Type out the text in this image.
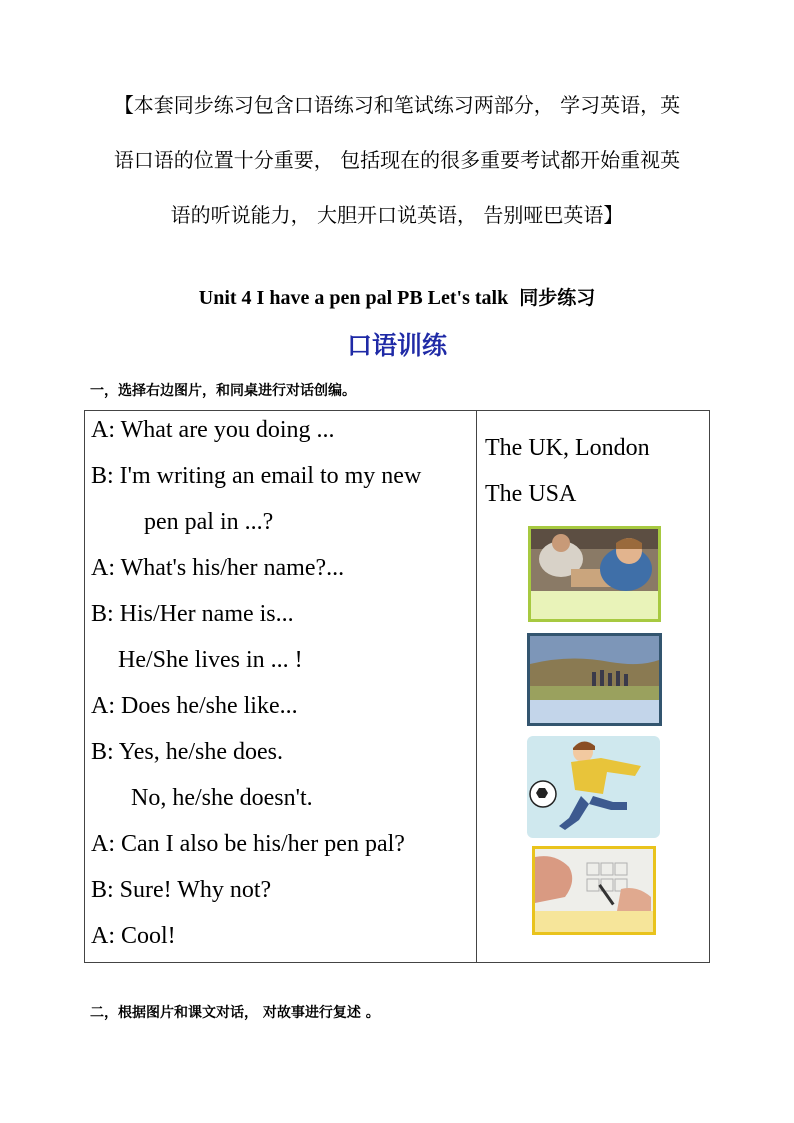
【本套同步练习包含口语练习和笔试练习两部分， 学习英语，英

语口语的位置十分重要， 包括现在的很多重要考试都开始重视英

语的听说能力， 大胆开口说英语， 告别哑巴英语】

Unit 4 I have a pen pal PB Let's talk 同步练习
口语训练
一，选择右边图片，和同桌进行对话创编。
A: What are you doing ...
B: I'm writing an email to my new
pen pal in ...?
A: What's his/her name?...
B: His/Her name is...
He/She lives in ... !
A: Does he/she like...
B: Yes, he/she does.
No, he/she doesn't.
A: Can I also be his/her pen pal?
B: Sure! Why not?
A: Cool!
The UK, London
The USA
二，根据图片和课文对话， 对故事进行复述 。
